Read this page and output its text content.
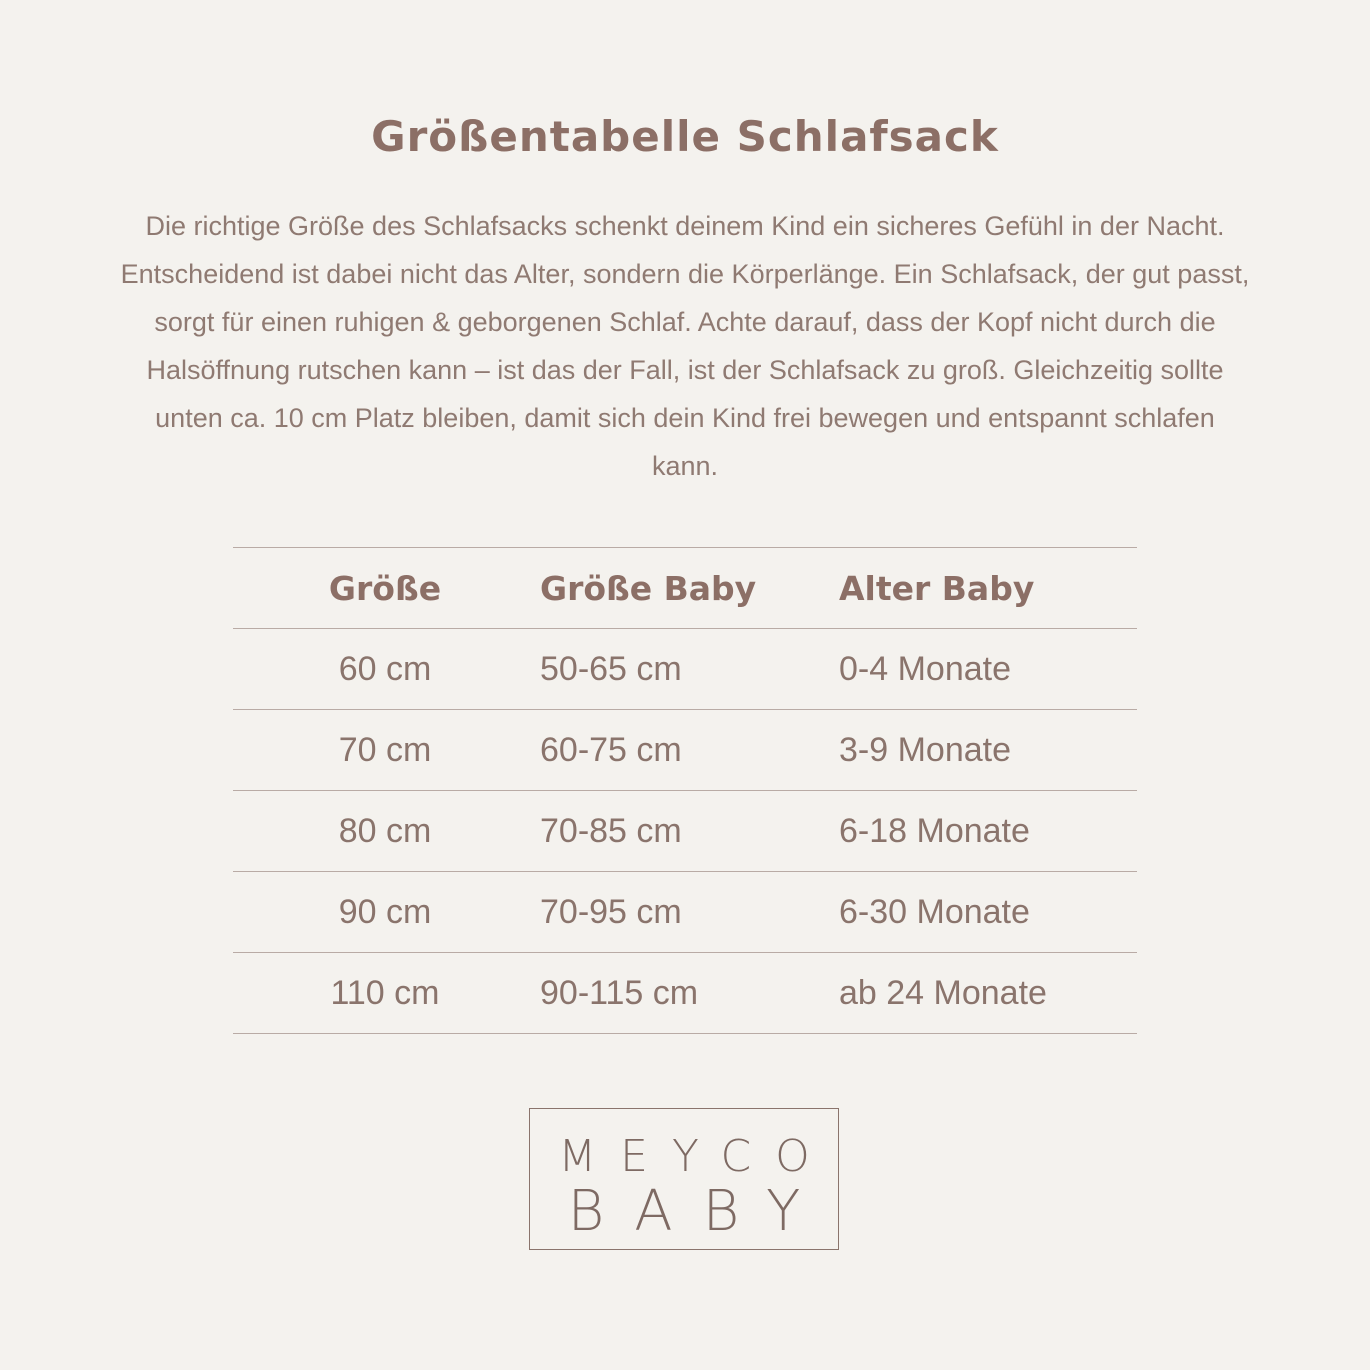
Größentabelle Schlafsack

Die richtige Größe des Schlafsacks schenkt deinem Kind ein sicheres Gefühl in der Nacht. Entscheidend ist dabei nicht das Alter, sondern die Körperlänge. Ein Schlafsack, der gut passt, sorgt für einen ruhigen & geborgenen Schlaf. Achte darauf, dass der Kopf nicht durch die Halsöffnung rutschen kann – ist das der Fall, ist der Schlafsack zu groß. Gleichzeitig sollte unten ca. 10 cm Platz bleiben, damit sich dein Kind frei bewegen und entspannt schlafen kann.

Größe	Größe Baby	Alter Baby
60 cm	50-65 cm	0-4 Monate
70 cm	60-75 cm	3-9 Monate
80 cm	70-85 cm	6-18 Monate
90 cm	70-95 cm	6-30 Monate
110 cm	90-115 cm	ab 24 Monate
MEYCO
BABY
